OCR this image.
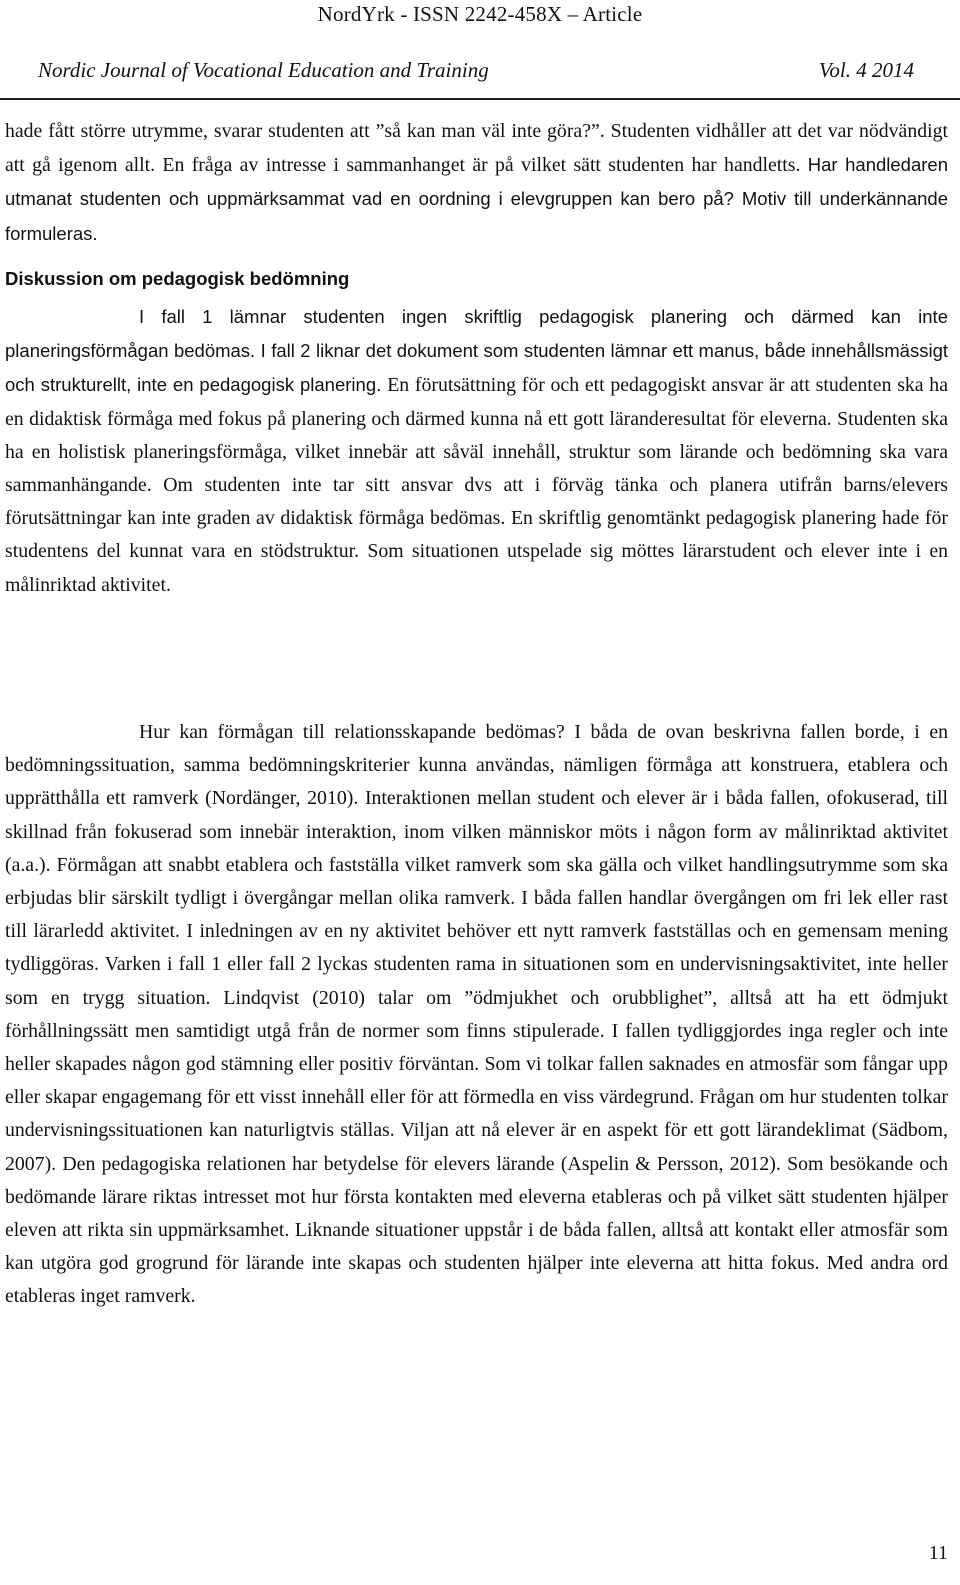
NordYrk - ISSN 2242-458X – Article
Nordic Journal of Vocational Education and Training	Vol. 4 2014
hade fått större utrymme, svarar studenten att ”så kan man väl inte göra?”. Studenten vidhåller att det var nödvändigt att gå igenom allt. En fråga av intresse i sammanhanget är på vilket sätt studenten har handletts. Har handledaren utmanat studenten och uppmärksammat vad en oordning i elevgruppen kan bero på? Motiv till underkännande formuleras.
Diskussion om pedagogisk bedömning
I fall 1 lämnar studenten ingen skriftlig pedagogisk planering och därmed kan inte planeringsförmågan bedömas. I fall 2 liknar det dokument som studenten lämnar ett manus, både innehållsmässigt och strukturellt, inte en pedagogisk planering. En förutsättning för och ett pedagogiskt ansvar är att studenten ska ha en didaktisk förmåga med fokus på planering och därmed kunna nå ett gott läranderesultat för eleverna. Studenten ska ha en holistisk planeringsförmåga, vilket innebär att såväl innehåll, struktur som lärande och bedömning ska vara sammanhängande. Om studenten inte tar sitt ansvar dvs att i förväg tänka och planera utifrån barns/elevers förutsättningar kan inte graden av didaktisk förmåga bedömas. En skriftlig genomtänkt pedagogisk planering hade för studentens del kunnat vara en stödstruktur. Som situationen utspelade sig möttes lärarstudent och elever inte i en målinriktad aktivitet.
Hur kan förmågan till relationsskapande bedömas? I båda de ovan beskrivna fallen borde, i en bedömningssituation, samma bedömningskriterier kunna användas, nämligen förmåga att konstruera, etablera och upprätthålla ett ramverk (Nordänger, 2010). Interaktionen mellan student och elever är i båda fallen, ofokuserad, till skillnad från fokuserad som innebär interaktion, inom vilken människor möts i någon form av målinriktad aktivitet (a.a.). Förmågan att snabbt etablera och fastställa vilket ramverk som ska gälla och vilket handlingsutrymme som ska erbjudas blir särskilt tydligt i övergångar mellan olika ramverk. I båda fallen handlar övergången om fri lek eller rast till lärarledd aktivitet. I inledningen av en ny aktivitet behöver ett nytt ramverk fastställas och en gemensam mening tydliggöras. Varken i fall 1 eller fall 2 lyckas studenten rama in situationen som en undervisningsaktivitet, inte heller som en trygg situation. Lindqvist (2010) talar om ”ödmjukhet och orubblighet”, alltså att ha ett ödmjukt förhållningssätt men samtidigt utgå från de normer som finns stipulerade. I fallen tydliggjordes inga regler och inte heller skapades någon god stämning eller positiv förväntan. Som vi tolkar fallen saknades en atmosfär som fångar upp eller skapar engagemang för ett visst innehåll eller för att förmedla en viss värdegrund. Frågan om hur studenten tolkar undervisningssituationen kan naturligtvis ställas. Viljan att nå elever är en aspekt för ett gott lärandeklimat (Sädbom, 2007). Den pedagogiska relationen har betydelse för elevers lärande (Aspelin & Persson, 2012). Som besökande och bedömande lärare riktas intresset mot hur första kontakten med eleverna etableras och på vilket sätt studenten hjälper eleven att rikta sin uppmärksamhet. Liknande situationer uppstår i de båda fallen, alltså att kontakt eller atmosfär som kan utgöra god grogrund för lärande inte skapas och studenten hjälper inte eleverna att hitta fokus. Med andra ord etableras inget ramverk.
11
